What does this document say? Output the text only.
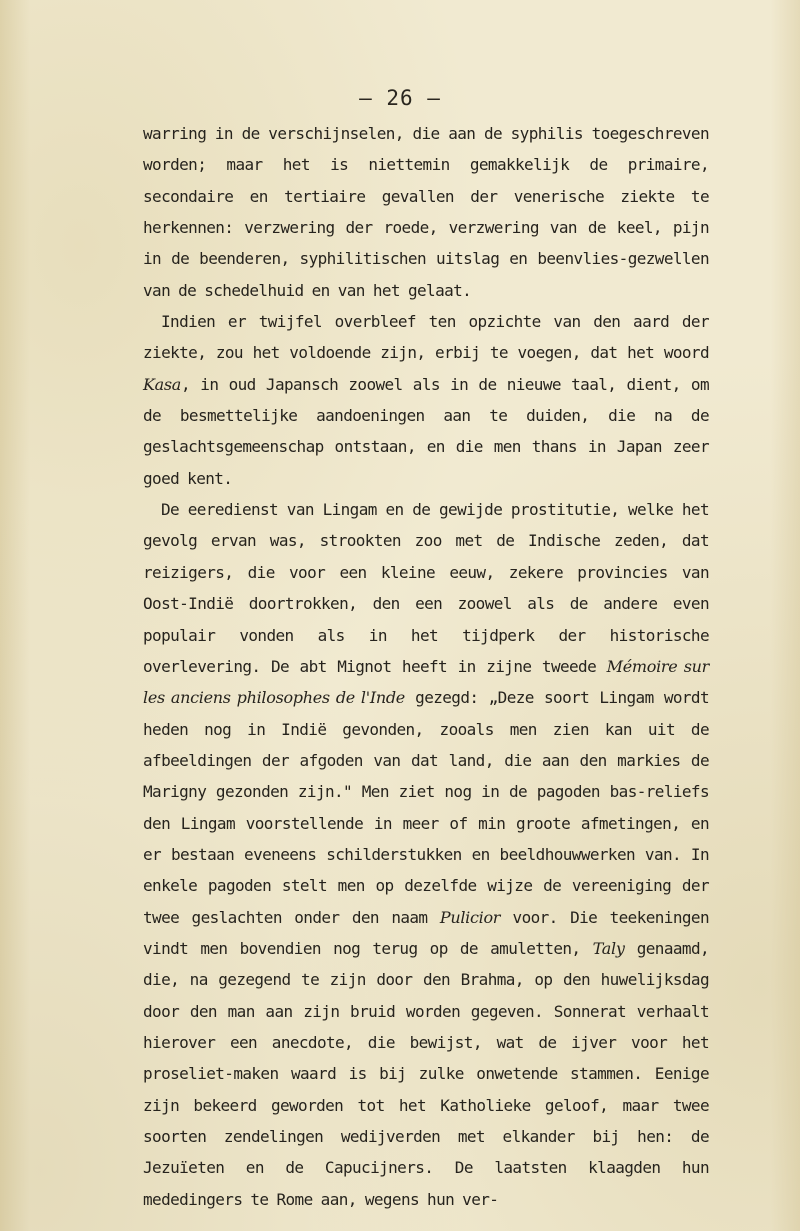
— 26 —

warring in de verschijnselen, die aan de syphilis toegeschreven worden; maar het is niettemin gemakkelijk de primaire, secondaire en tertiaire gevallen der venerische ziekte te herkennen: verzwering der roede, verzwering van de keel, pijn in de beenderen, syphilitischen uitslag en beenvlies-gezwellen van de schedelhuid en van het gelaat.

Indien er twijfel overbleef ten opzichte van den aard der ziekte, zou het voldoende zijn, erbij te voegen, dat het woord Kasa, in oud Japansch zoowel als in de nieuwe taal, dient, om de besmettelijke aandoeningen aan te duiden, die na de geslachtsgemeenschap ontstaan, en die men thans in Japan zeer goed kent.

De eeredienst van Lingam en de gewijde prostitutie, welke het gevolg ervan was, strookten zoo met de Indische zeden, dat reizigers, die voor een kleine eeuw, zekere provincies van Oost-Indië doortrokken, den een zoowel als de andere even populair vonden als in het tijdperk der historische overlevering. De abt Mignot heeft in zijne tweede Mémoire sur les anciens philosophes de l'Inde gezegd: „Deze soort Lingam wordt heden nog in Indië gevonden, zooals men zien kan uit de afbeeldingen der afgoden van dat land, die aan den markies de Marigny gezonden zijn." Men ziet nog in de pagoden bas-reliefs den Lingam voorstellende in meer of min groote afmetingen, en er bestaan eveneens schilderstukken en beeldhouwwerken van. In enkele pagoden stelt men op dezelfde wijze de vereeniging der twee geslachten onder den naam Pulicior voor. Die teekeningen vindt men bovendien nog terug op de amuletten, Taly genaamd, die, na gezegend te zijn door den Brahma, op den huwelijksdag door den man aan zijn bruid worden gegeven. Sonnerat verhaalt hierover een anecdote, die bewijst, wat de ijver voor het proseliet-maken waard is bij zulke onwetende stammen. Eenige zijn bekeerd geworden tot het Katholieke geloof, maar twee soorten zendelingen wedijverden met elkander bij hen: de Jezuïeten en de Capucijners. De laatsten klaagden hun mededingers te Rome aan, wegens hun ver-
